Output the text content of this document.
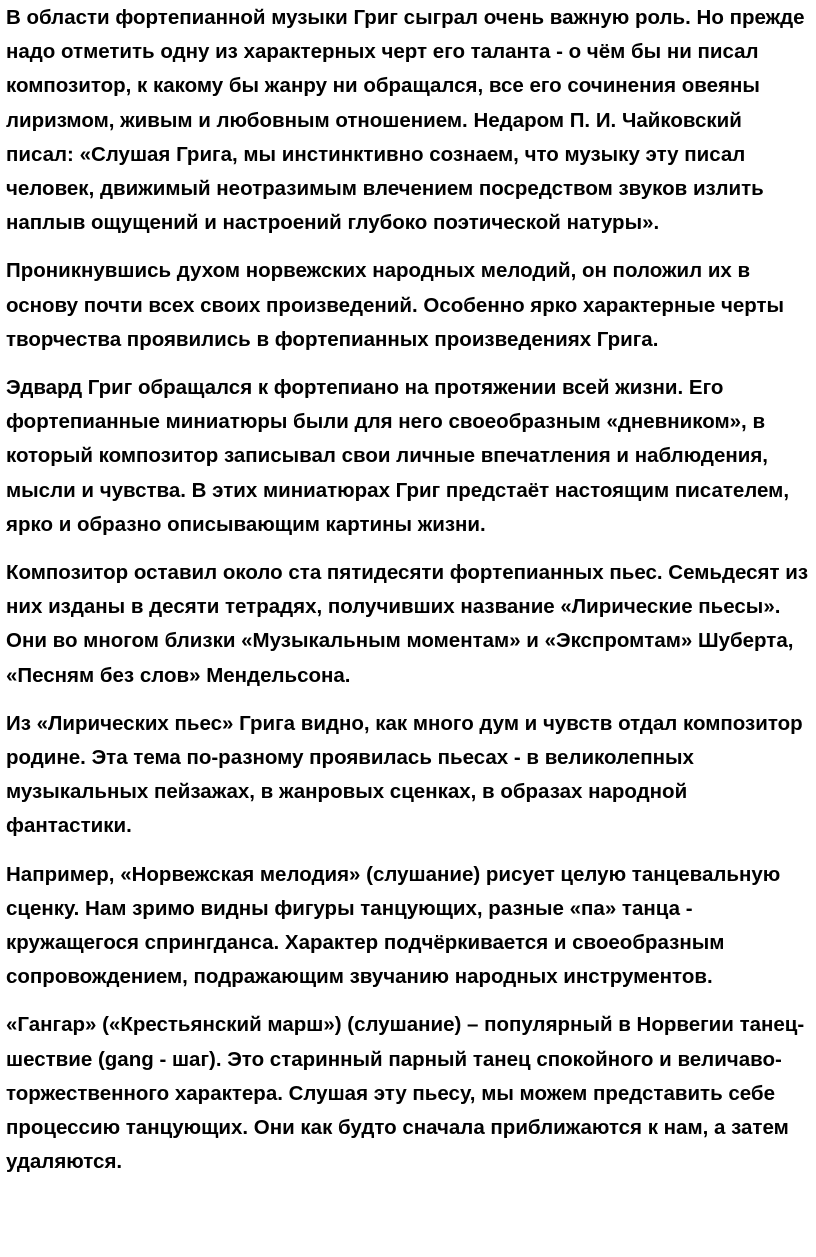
В области фортепианной музыки Григ сыграл очень важную роль. Но прежде надо отметить одну из характерных черт его таланта - о чём бы ни писал композитор, к какому бы жанру ни обращался, все его сочинения овеяны лиризмом, живым и любовным отношением. Недаром П. И. Чайковский писал: «Слушая Грига, мы инстинктивно сознаем, что музыку эту писал человек, движимый неотразимым влечением посредством звуков излить наплыв ощущений и настроений глубоко поэтической натуры».

Проникнувшись духом норвежских народных мелодий, он положил их в основу почти всех своих произведений. Особенно ярко характерные черты творчества проявились в фортепианных произведениях Грига.

Эдвард Григ обращался к фортепиано на протяжении всей жизни. Его фортепианные миниатюры были для него своеобразным «дневником», в который композитор записывал свои личные впечатления и наблюдения, мысли и чувства. В этих миниатюрах Григ предстаёт настоящим писателем, ярко и образно описывающим картины жизни.

Композитор оставил около ста пятидесяти фортепианных пьес. Семьдесят из них изданы в десяти тетрадях, получивших название «Лирические пьесы». Они во многом близки «Музыкальным моментам» и «Экспромтам» Шуберта, «Песням без слов» Мендельсона.

Из «Лирических пьес» Грига видно, как много дум и чувств отдал композитор родине. Эта тема по-разному проявилась пьесах - в великолепных музыкальных пейзажах, в жанровых сценках, в образах народной фантастики.

Например, «Норвежская мелодия» (слушание) рисует целую танцевальную сценку. Нам зримо видны фигуры танцующих, разные «па» танца - кружащегося спрингданса. Характер подчёркивается и своеобразным сопровождением, подражающим звучанию народных инструментов.

«Гангар» («Крестьянский марш») (слушание) – популярный в Норвегии танец-шествие (gang - шаг). Это старинный парный танец спокойного и величаво-торжественного характера. Слушая эту пьесу, мы можем представить себе процессию танцующих. Они как будто сначала приближаются к нам, а затем удаляются.
